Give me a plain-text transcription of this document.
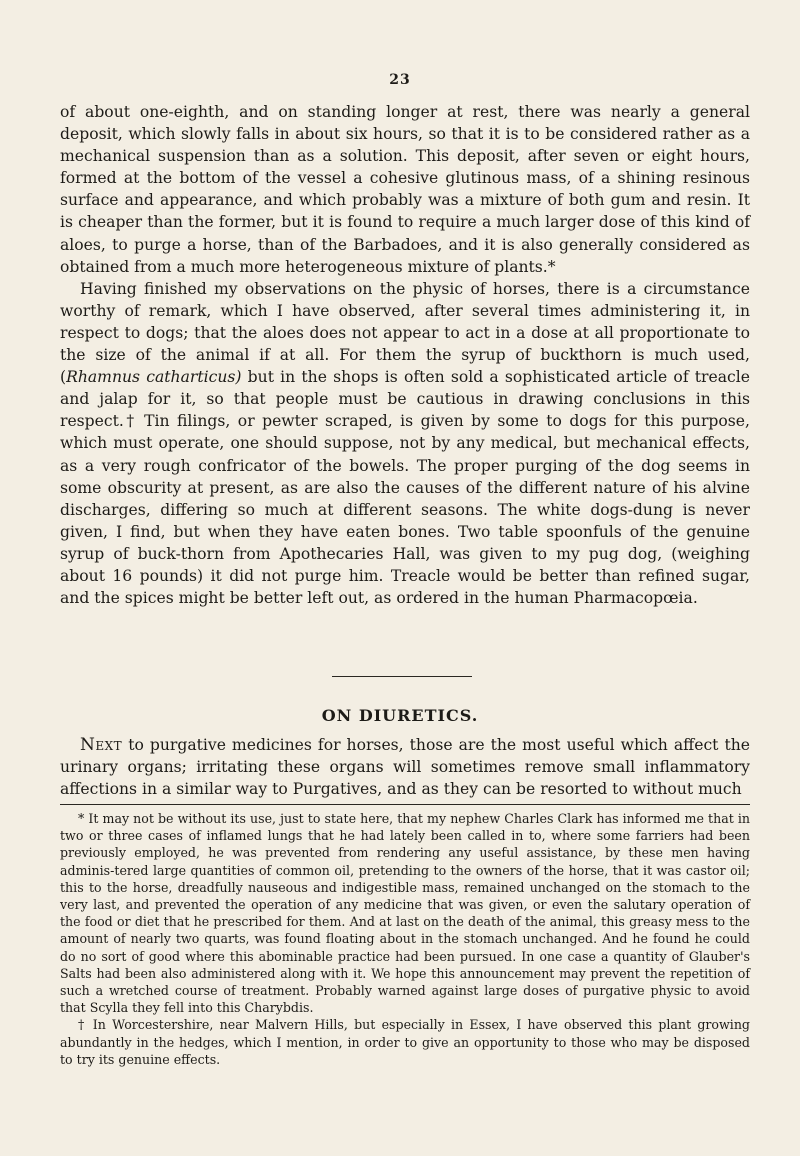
23

of about one-eighth, and on standing longer at rest, there was nearly a general deposit, which slowly falls in about six hours, so that it is to be considered rather as a mechanical suspension than as a solution. This deposit, after seven or eight hours, formed at the bottom of the vessel a cohesive glutinous mass, of a shining resinous surface and appearance, and which probably was a mixture of both gum and resin. It is cheaper than the former, but it is found to require a much larger dose of this kind of aloes, to purge a horse, than of the Barbadoes, and it is also generally considered as obtained from a much more heterogeneous mixture of plants.*

Having finished my observations on the physic of horses, there is a circumstance worthy of remark, which I have observed, after several times administering it, in respect to dogs; that the aloes does not appear to act in a dose at all proportionate to the size of the animal if at all. For them the syrup of buckthorn is much used, (Rhamnus catharticus) but in the shops is often sold a sophisticated article of treacle and jalap for it, so that people must be cautious in drawing conclusions in this respect.† Tin filings, or pewter scraped, is given by some to dogs for this purpose, which must operate, one should suppose, not by any medical, but mechanical effects, as a very rough confricator of the bowels. The proper purging of the dog seems in some obscurity at present, as are also the causes of the different nature of his alvine discharges, differing so much at different seasons. The white dogs-dung is never given, I find, but when they have eaten bones. Two table spoonfuls of the genuine syrup of buck-thorn from Apothecaries Hall, was given to my pug dog, (weighing about 16 pounds) it did not purge him. Treacle would be better than refined sugar, and the spices might be better left out, as ordered in the human Pharmacopœia.

ON DIURETICS.

Next to purgative medicines for horses, those are the most useful which affect the urinary organs; irritating these organs will sometimes remove small inflammatory affections in a similar way to Purgatives, and as they can be resorted to without much

* It may not be without its use, just to state here, that my nephew Charles Clark has informed me that in two or three cases of inflamed lungs that he had lately been called in to, where some farriers had been previously employed, he was prevented from rendering any useful assistance, by these men having adminis-tered large quantities of common oil, pretending to the owners of the horse, that it was castor oil; this to the horse, dreadfully nauseous and indigestible mass, remained unchanged on the stomach to the very last, and prevented the operation of any medicine that was given, or even the salutary operation of the food or diet that he prescribed for them. And at last on the death of the animal, this greasy mess to the amount of nearly two quarts, was found floating about in the stomach unchanged. And he found he could do no sort of good where this abominable practice had been pursued. In one case a quantity of Glauber's Salts had been also administered along with it. We hope this announcement may prevent the repetition of such a wretched course of treatment. Probably warned against large doses of purgative physic to avoid that Scylla they fell into this Charybdis.

† In Worcestershire, near Malvern Hills, but especially in Essex, I have observed this plant growing abundantly in the hedges, which I mention, in order to give an opportunity to those who may be disposed to try its genuine effects.
